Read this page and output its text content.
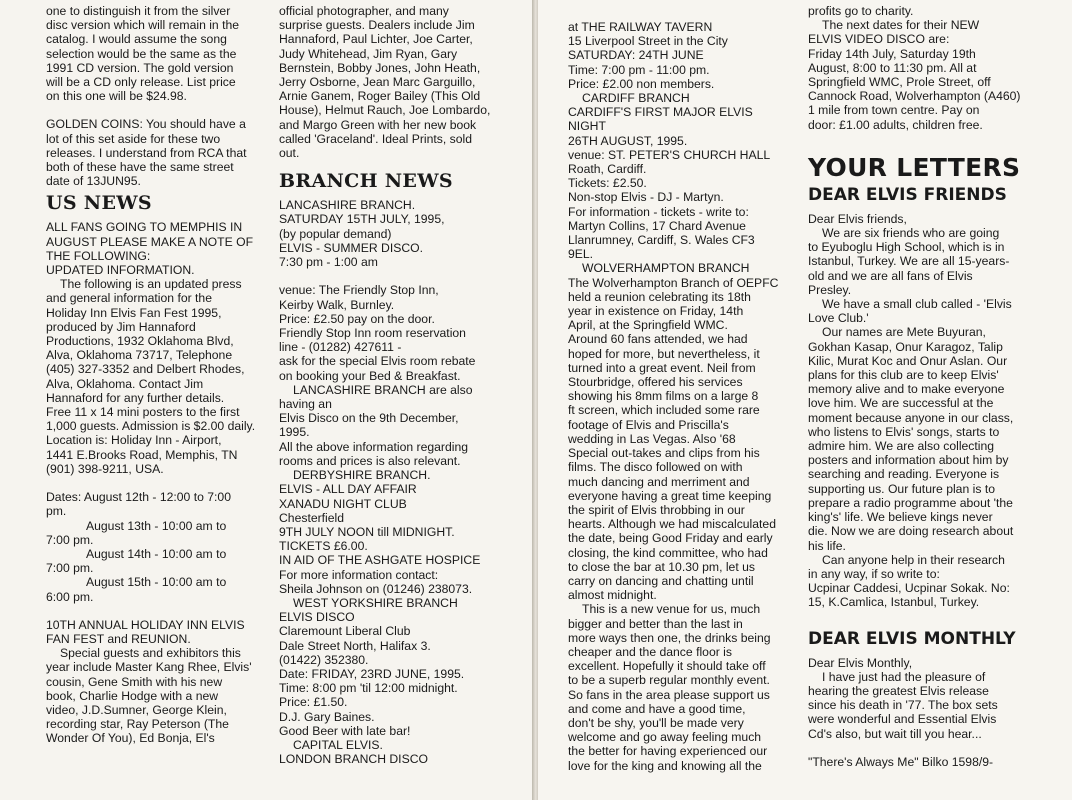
one to distinguish it from the silver

disc version which will remain in the

catalog. I would assume the song

selection would be the same as the

1991 CD version. The gold version

will be a CD only release. List price

on this one will be $24.98.

GOLDEN COINS: You should have a

lot of this set aside for these two

releases. I understand from RCA that

both of these have the same street

date of 13JUN95.

US NEWS

ALL FANS GOING TO MEMPHIS IN

AUGUST PLEASE MAKE A NOTE OF

THE FOLLOWING:

UPDATED INFORMATION.

The following is an updated press

and general information for the

Holiday Inn Elvis Fan Fest 1995,

produced by Jim Hannaford

Productions, 1932 Oklahoma Blvd,

Alva, Oklahoma 73717, Telephone

(405) 327-3352 and Delbert Rhodes,

Alva, Oklahoma. Contact Jim

Hannaford for any further details.

Free 11 x 14 mini posters to the first

1,000 guests. Admission is $2.00 daily.

Location is: Holiday Inn - Airport,

1441 E.Brooks Road, Memphis, TN

(901) 398-9211, USA.

Dates: August 12th - 12:00 to 7:00

pm.

August 13th - 10:00 am to

7:00 pm.

August 14th - 10:00 am to

7:00 pm.

August 15th - 10:00 am to

6:00 pm.

10TH ANNUAL HOLIDAY INN ELVIS

FAN FEST and REUNION.

Special guests and exhibitors this

year include Master Kang Rhee, Elvis'

cousin, Gene Smith with his new

book, Charlie Hodge with a new

video, J.D.Sumner, George Klein,

recording star, Ray Peterson (The

Wonder Of You), Ed Bonja, El's

official photographer, and many

surprise guests. Dealers include Jim

Hannaford, Paul Lichter, Joe Carter,

Judy Whitehead, Jim Ryan, Gary

Bernstein, Bobby Jones, John Heath,

Jerry Osborne, Jean Marc Garguillo,

Arnie Ganem, Roger Bailey (This Old

House), Helmut Rauch, Joe Lombardo,

and Margo Green with her new book

called 'Graceland'. Ideal Prints, sold

out.

BRANCH NEWS

LANCASHIRE BRANCH.

SATURDAY 15TH JULY, 1995,

(by popular demand)

ELVIS - SUMMER DISCO.

7:30 pm - 1:00 am

venue: The Friendly Stop Inn,

Keirby Walk, Burnley.

Price: £2.50 pay on the door.

Friendly Stop Inn room reservation

line - (01282) 427611 -

ask for the special Elvis room rebate

on booking your Bed & Breakfast.

LANCASHIRE BRANCH are also

having an

Elvis Disco on the 9th December,

1995.

All the above information regarding

rooms and prices is also relevant.

DERBYSHIRE BRANCH.

ELVIS - ALL DAY AFFAIR

XANADU NIGHT CLUB

Chesterfield

9TH JULY NOON till MIDNIGHT.

TICKETS £6.00.

IN AID OF THE ASHGATE HOSPICE

For more information contact:

Sheila Johnson on (01246) 238073.

WEST YORKSHIRE BRANCH

ELVIS DISCO

Claremount Liberal Club

Dale Street North, Halifax 3.

(01422) 352380.

Date: FRIDAY, 23RD JUNE, 1995.

Time: 8:00 pm 'til 12:00 midnight.

Price: £1.50.

D.J. Gary Baines.

Good Beer with late bar!

CAPITAL ELVIS.

LONDON BRANCH DISCO

at THE RAILWAY TAVERN

15 Liverpool Street in the City

SATURDAY: 24TH JUNE

Time: 7:00 pm - 11:00 pm.

Price: £2.00 non members.

CARDIFF BRANCH

CARDIFF'S FIRST MAJOR ELVIS

NIGHT

26TH AUGUST, 1995.

venue: ST. PETER'S CHURCH HALL

Roath, Cardiff.

Tickets: £2.50.

Non-stop Elvis - DJ - Martyn.

For information - tickets - write to:

Martyn Collins, 17 Chard Avenue

Llanrumney, Cardiff, S. Wales CF3

9EL.

WOLVERHAMPTON BRANCH

The Wolverhampton Branch of OEPFC

held a reunion celebrating its 18th

year in existence on Friday, 14th

April, at the Springfield WMC.

Around 60 fans attended, we had

hoped for more, but nevertheless, it

turned into a great event. Neil from

Stourbridge, offered his services

showing his 8mm films on a large 8

ft screen, which included some rare

footage of Elvis and Priscilla's

wedding in Las Vegas. Also '68

Special out-takes and clips from his

films. The disco followed on with

much dancing and merriment and

everyone having a great time keeping

the spirit of Elvis throbbing in our

hearts. Although we had miscalculated

the date, being Good Friday and early

closing, the kind committee, who had

to close the bar at 10.30 pm, let us

carry on dancing and chatting until

almost midnight.

This is a new venue for us, much

bigger and better than the last in

more ways then one, the drinks being

cheaper and the dance floor is

excellent. Hopefully it should take off

to be a superb regular monthly event.

So fans in the area please support us

and come and have a good time,

don't be shy, you'll be made very

welcome and go away feeling much

the better for having experienced our

love for the king and knowing all the

profits go to charity.

The next dates for their NEW

ELVIS VIDEO DISCO are:

Friday 14th July, Saturday 19th

August, 8:00 to 11:30 pm. All at

Springfield WMC, Prole Street, off

Cannock Road, Wolverhampton (A460)

1 mile from town centre. Pay on

door: £1.00 adults, children free.

YOUR LETTERS
DEAR ELVIS FRIENDS

Dear Elvis friends,

We are six friends who are going

to Eyuboglu High School, which is in

Istanbul, Turkey. We are all 15-years-

old and we are all fans of Elvis

Presley.

We have a small club called - 'Elvis

Love Club.'

Our names are Mete Buyuran,

Gokhan Kasap, Onur Karagoz, Talip

Kilic, Murat Koc and Onur Aslan. Our

plans for this club are to keep Elvis'

memory alive and to make everyone

love him. We are successful at the

moment because anyone in our class,

who listens to Elvis' songs, starts to

admire him. We are also collecting

posters and information about him by

searching and reading. Everyone is

supporting us. Our future plan is to

prepare a radio programme about 'the

king's' life. We believe kings never

die. Now we are doing research about

his life.

Can anyone help in their research

in any way, if so write to:

Ucpinar Caddesi, Ucpinar Sokak. No:

15, K.Camlica, Istanbul, Turkey.

DEAR ELVIS MONTHLY

Dear Elvis Monthly,

I have just had the pleasure of

hearing the greatest Elvis release

since his death in '77. The box sets

were wonderful and Essential Elvis

Cd's also, but wait till you hear...

"There's Always Me" Bilko 1598/9-
